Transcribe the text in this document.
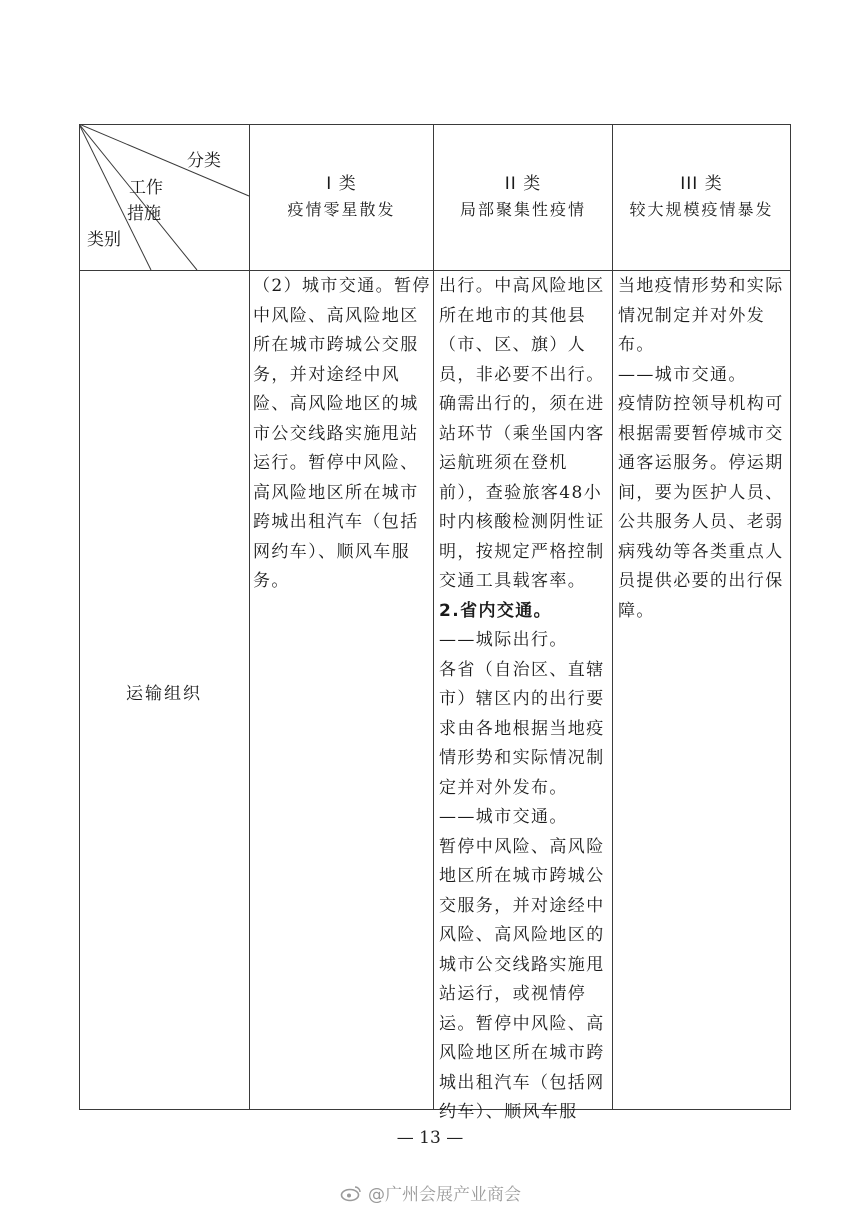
分类
工作
措施
类别
I 类
疫情零星散发
II 类
局部聚集性疫情
III 类
较大规模疫情暴发
运输组织

（2）城市交通。暂停中风险、高风险地区所在城市跨城公交服务，并对途经中风险、高风险地区的城市公交线路实施甩站运行。暂停中风险、高风险地区所在城市跨城出租汽车（包括网约车）、顺风车服务。

出行。中高风险地区所在地市的其他县（市、区、旗）人员，非必要不出行。确需出行的，须在进站环节（乘坐国内客运航班须在登机前），查验旅客48小时内核酸检测阴性证明，按规定严格控制交通工具载客率。

2.省内交通。

——城际出行。

各省（自治区、直辖市）辖区内的出行要求由各地根据当地疫情形势和实际情况制定并对外发布。

——城市交通。

暂停中风险、高风险地区所在城市跨城公交服务，并对途经中风险、高风险地区的城市公交线路实施甩站运行，或视情停运。暂停中风险、高风险地区所在城市跨城出租汽车（包括网约车）、顺风车服

当地疫情形势和实际情况制定并对外发布。

——城市交通。

疫情防控领导机构可根据需要暂停城市交通客运服务。停运期间，要为医护人员、公共服务人员、老弱病残幼等各类重点人员提供必要的出行保障。

— 13 —
@广州会展产业商会
